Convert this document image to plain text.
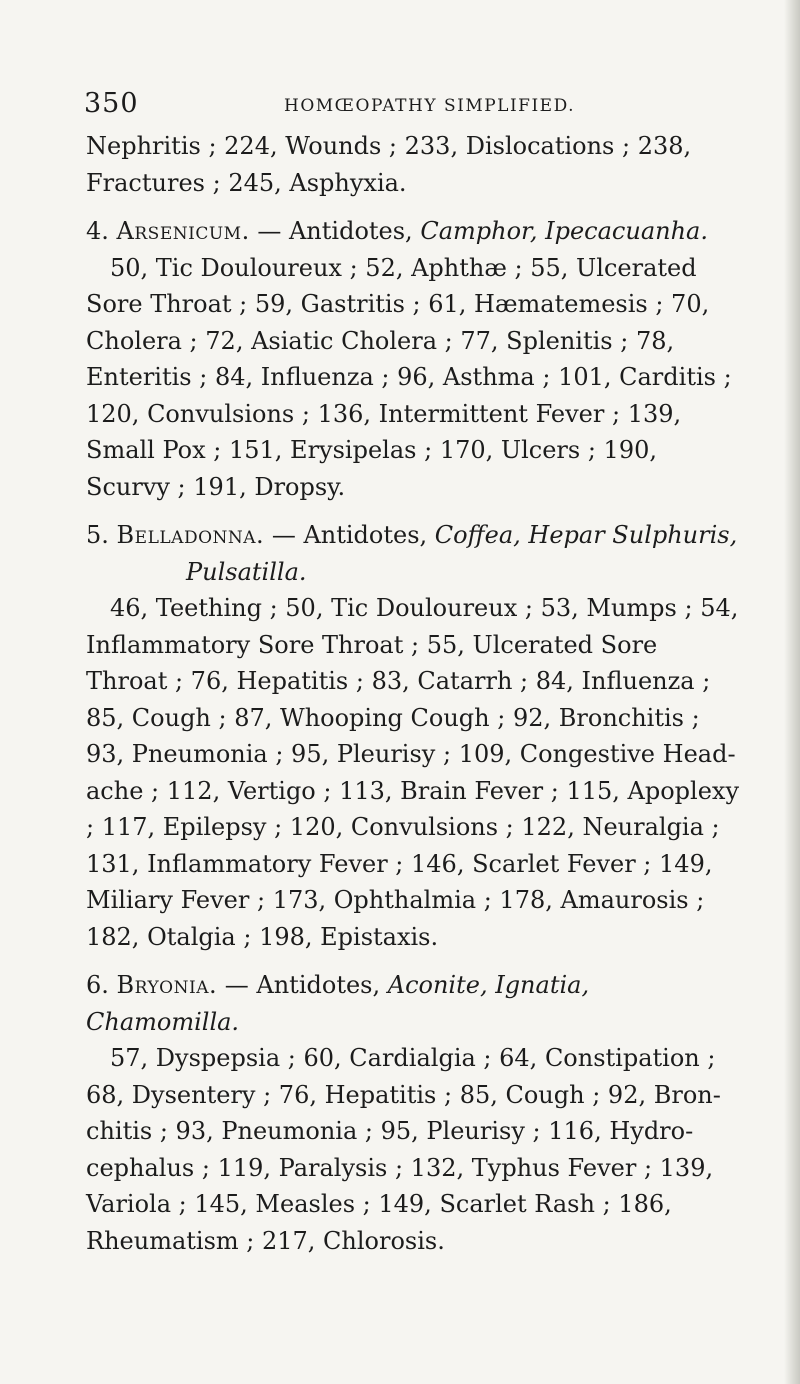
350	HOMŒOPATHY SIMPLIFIED.

Nephritis ; 224, Wounds ; 233, Dislocations ; 238, Fractures ; 245, Asphyxia.

4. Arsenicum. — Antidotes, Camphor, Ipecacuanha.

50, Tic Douloureux ; 52, Aphthæ ; 55, Ulcerated Sore Throat ; 59, Gastritis ; 61, Hæmatemesis ; 70, Cholera ; 72, Asiatic Cholera ; 77, Splenitis ; 78, Enteritis ; 84, Influenza ; 96, Asthma ; 101, Carditis ; 120, Convulsions ; 136, Intermittent Fever ; 139, Small Pox ; 151, Erysipelas ; 170, Ulcers ; 190, Scurvy ; 191, Dropsy.

5. Belladonna. — Antidotes, Coffea, Hepar Sulphuris,

Pulsatilla.

46, Teething ; 50, Tic Douloureux ; 53, Mumps ; 54, Inflammatory Sore Throat ; 55, Ulcerated Sore Throat ; 76, Hepatitis ; 83, Catarrh ; 84, Influenza ; 85, Cough ; 87, Whooping Cough ; 92, Bronchitis ; 93, Pneumonia ; 95, Pleurisy ; 109, Congestive Headache ; 112, Vertigo ; 113, Brain Fever ; 115, Apoplexy ; 117, Epilepsy ; 120, Convulsions ; 122, Neuralgia ; 131, Inflammatory Fever ; 146, Scarlet Fever ; 149, Miliary Fever ; 173, Ophthalmia ; 178, Amaurosis ; 182, Otalgia ; 198, Epistaxis.

6. Bryonia. — Antidotes, Aconite, Ignatia, Chamomilla.

57, Dyspepsia ; 60, Cardialgia ; 64, Constipation ; 68, Dysentery ; 76, Hepatitis ; 85, Cough ; 92, Bronchitis ; 93, Pneumonia ; 95, Pleurisy ; 116, Hydrocephalus ; 119, Paralysis ; 132, Typhus Fever ; 139, Variola ; 145, Measles ; 149, Scarlet Rash ; 186, Rheumatism ; 217, Chlorosis.
